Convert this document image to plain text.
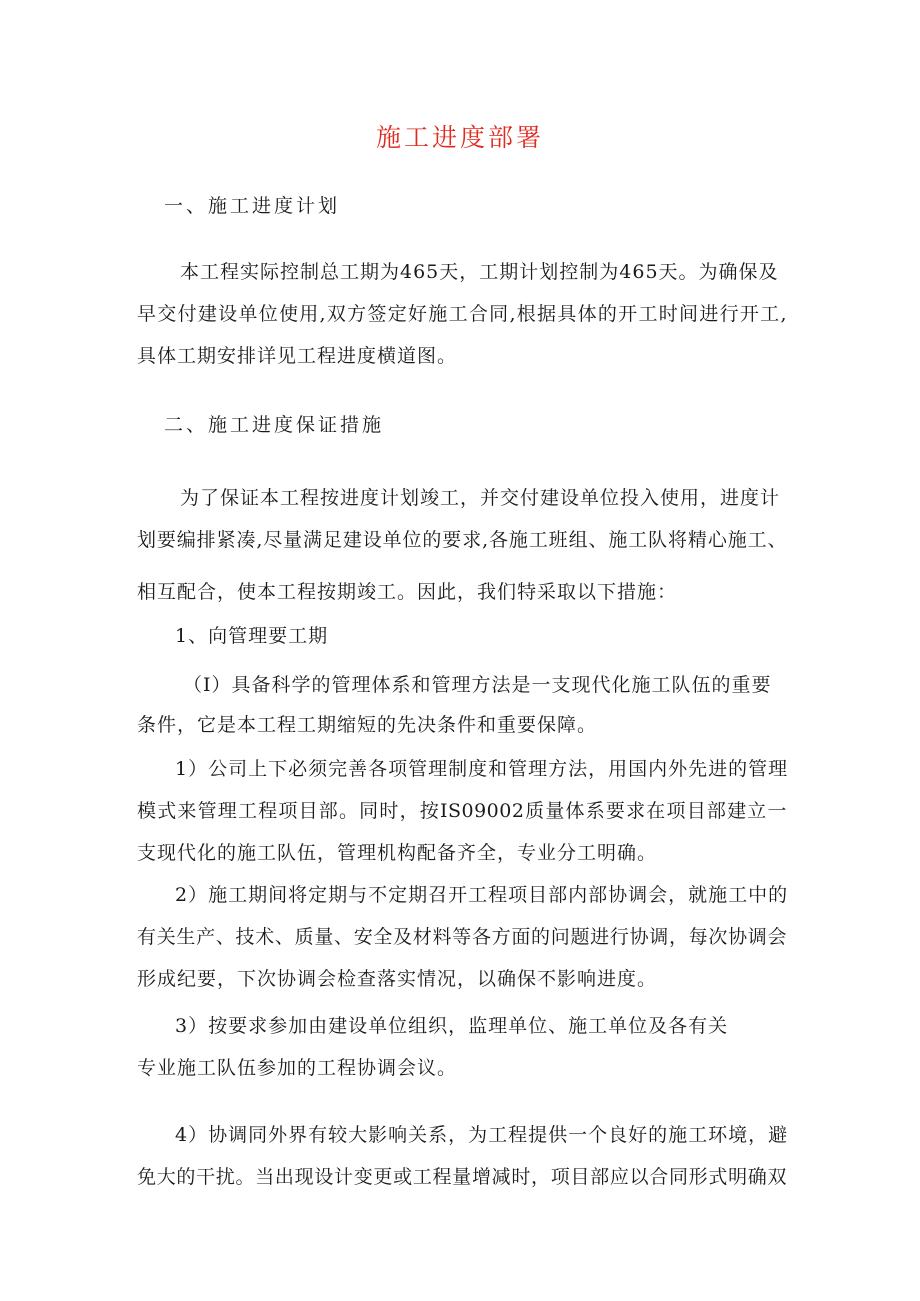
施工进度部署

一、施工进度计划

本工程实际控制总工期为465天，工期计划控制为465天。为确保及

早交付建设单位使用,双方签定好施工合同,根据具体的开工时间进行开工,

具体工期安排详见工程进度横道图。

二、施工进度保证措施

为了保证本工程按进度计划竣工，并交付建设单位投入使用，进度计

划要编排紧凑,尽量满足建设单位的要求,各施工班组、施工队将精心施工、

相互配合，使本工程按期竣工。因此，我们特采取以下措施：

1、向管理要工期

（I）具备科学的管理体系和管理方法是一支现代化施工队伍的重要

条件，它是本工程工期缩短的先决条件和重要保障。

1）公司上下必须完善各项管理制度和管理方法，用国内外先进的管理

模式来管理工程项目部。同时，按IS09002质量体系要求在项目部建立一

支现代化的施工队伍，管理机构配备齐全，专业分工明确。

2）施工期间将定期与不定期召开工程项目部内部协调会，就施工中的

有关生产、技术、质量、安全及材料等各方面的问题进行协调，每次协调会

形成纪要，下次协调会检查落实情况，以确保不影响进度。

3）按要求参加由建设单位组织，监理单位、施工单位及各有关

专业施工队伍参加的工程协调会议。

4）协调同外界有较大影响关系，为工程提供一个良好的施工环境，避

免大的干扰。当出现设计变更或工程量增减时，项目部应以合同形式明确双
